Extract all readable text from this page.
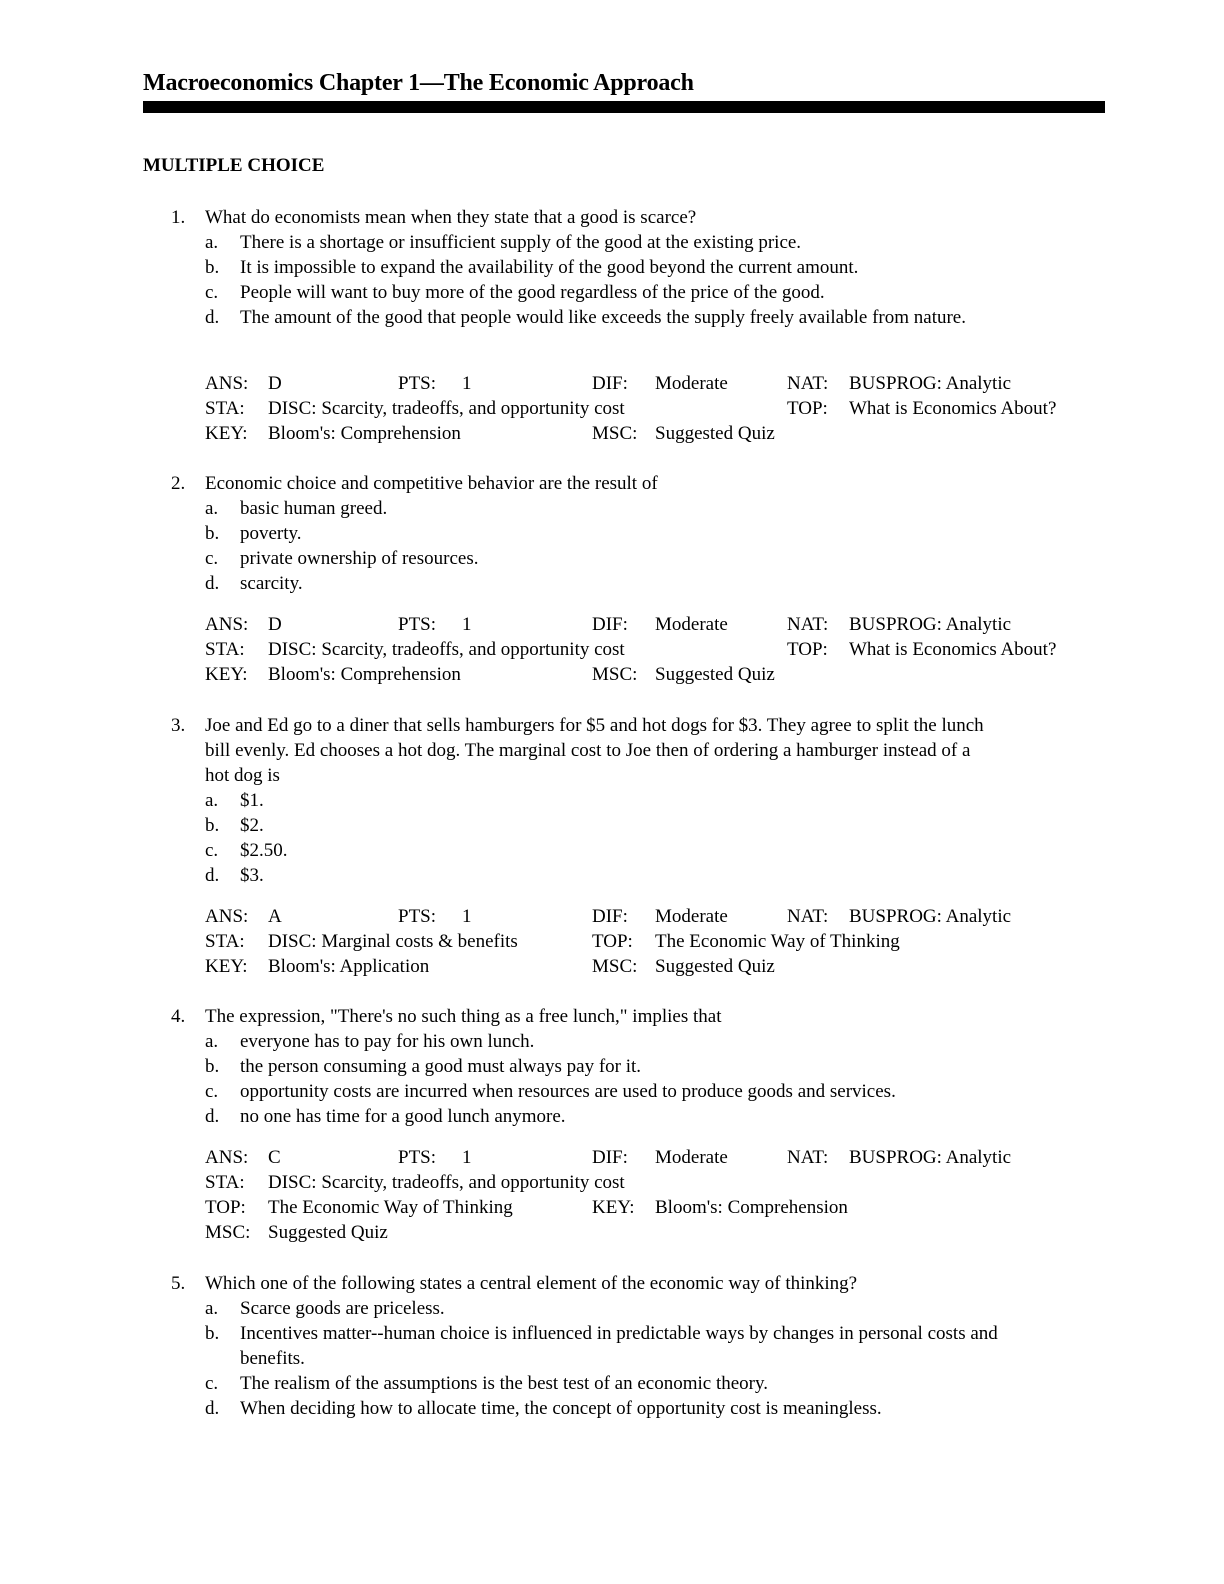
Macroeconomics Chapter 1—The Economic Approach
MULTIPLE CHOICE
1. What do economists mean when they state that a good is scarce?
a. There is a shortage or insufficient supply of the good at the existing price.
b. It is impossible to expand the availability of the good beyond the current amount.
c. People will want to buy more of the good regardless of the price of the good.
d. The amount of the good that people would like exceeds the supply freely available from nature.
ANS: D	PTS: 1	DIF: Moderate	NAT: BUSPROG: Analytic
STA: DISC: Scarcity, tradeoffs, and opportunity cost	TOP: What is Economics About?
KEY: Bloom's: Comprehension	MSC: Suggested Quiz
2. Economic choice and competitive behavior are the result of
a. basic human greed.
b. poverty.
c. private ownership of resources.
d. scarcity.
ANS: D	PTS: 1	DIF: Moderate	NAT: BUSPROG: Analytic
STA: DISC: Scarcity, tradeoffs, and opportunity cost	TOP: What is Economics About?
KEY: Bloom's: Comprehension	MSC: Suggested Quiz
3. Joe and Ed go to a diner that sells hamburgers for $5 and hot dogs for $3. They agree to split the lunch
bill evenly. Ed chooses a hot dog. The marginal cost to Joe then of ordering a hamburger instead of a
hot dog is
a. $1.
b. $2.
c. $2.50.
d. $3.
ANS: A	PTS: 1	DIF: Moderate	NAT: BUSPROG: Analytic
STA: DISC: Marginal costs & benefits	TOP: The Economic Way of Thinking
KEY: Bloom's: Application	MSC: Suggested Quiz
4. The expression, "There's no such thing as a free lunch," implies that
a. everyone has to pay for his own lunch.
b. the person consuming a good must always pay for it.
c. opportunity costs are incurred when resources are used to produce goods and services.
d. no one has time for a good lunch anymore.
ANS: C	PTS: 1	DIF: Moderate	NAT: BUSPROG: Analytic
STA: DISC: Scarcity, tradeoffs, and opportunity cost
TOP: The Economic Way of Thinking	KEY: Bloom's: Comprehension
MSC: Suggested Quiz
5. Which one of the following states a central element of the economic way of thinking?
a. Scarce goods are priceless.
b. Incentives matter--human choice is influenced in predictable ways by changes in personal costs and benefits.
c. The realism of the assumptions is the best test of an economic theory.
d. When deciding how to allocate time, the concept of opportunity cost is meaningless.
